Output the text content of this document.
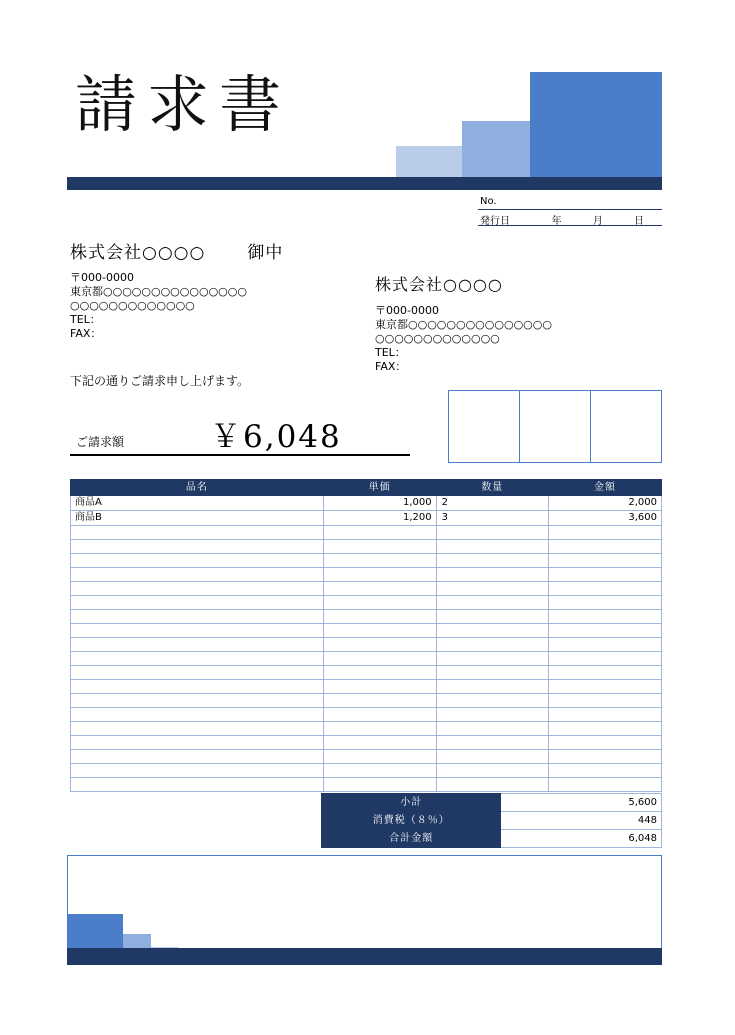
請求書
No.
発行日	年 月 日
株式会社○○○○ 御中
〒000-0000
東京都○○○○○○○○○○○○○○○
○○○○○○○○○○○○○
TEL：
FAX：
株式会社○○○○
〒000-0000
東京都○○○○○○○○○○○○○○○
○○○○○○○○○○○○○
TEL：
FAX：
下記の通りご請求申し上げます。
ご請求額	￥6,048
品名	単価	数量	金額
商品A	1,000	2	2,000
商品B	1,200	3	3,600

小計	5,600
消費税（８％）	448
合計金額	6,048
